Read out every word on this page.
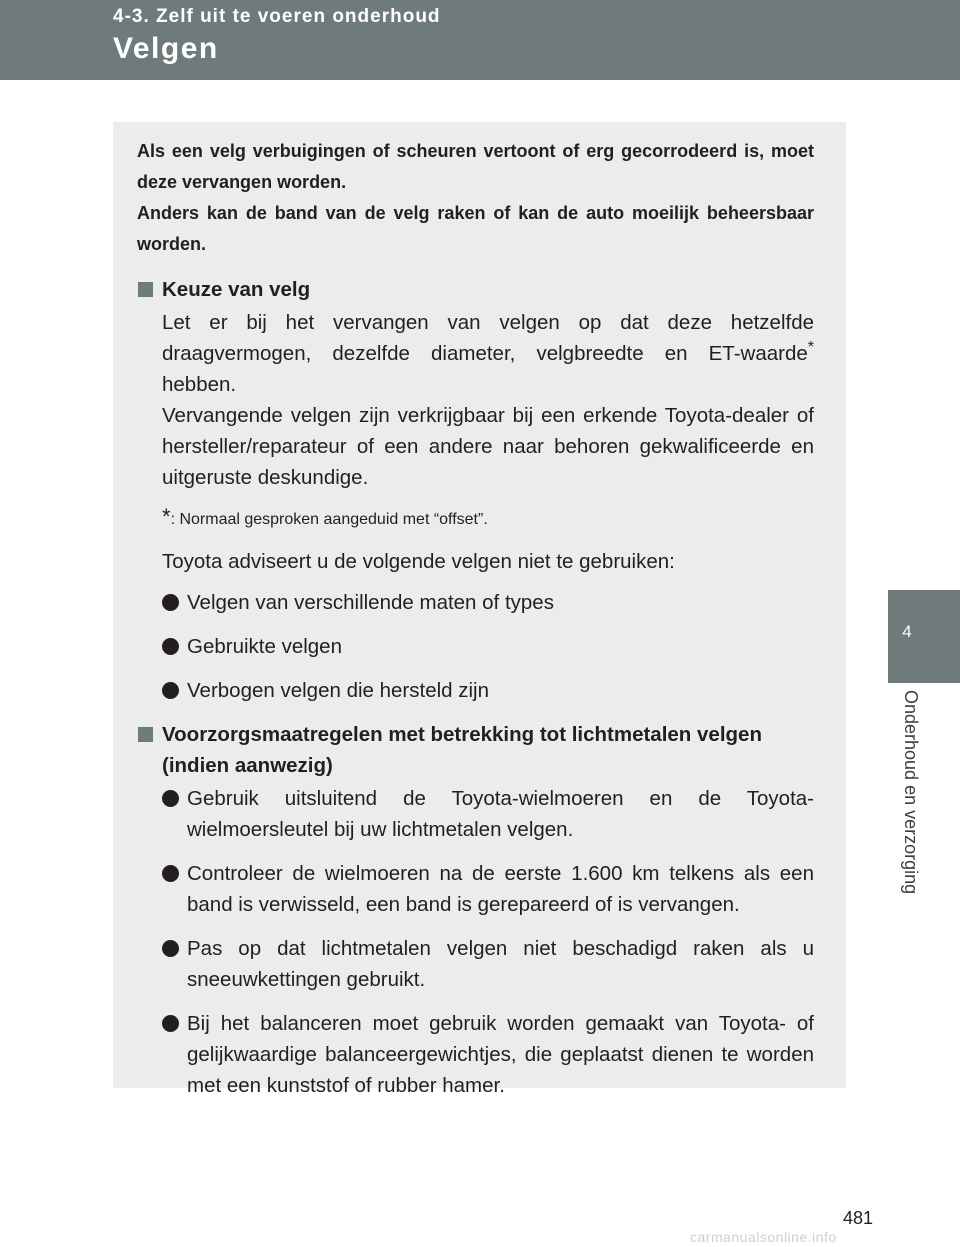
4-3. Zelf uit te voeren onderhoud
Velgen
4
Onderhoud en verzorging

Als een velg verbuigingen of scheuren vertoont of erg gecorrodeerd is, moet deze vervangen worden.
Anders kan de band van de velg raken of kan de auto moeilijk beheersbaar worden.

Keuze van velg

Let er bij het vervangen van velgen op dat deze hetzelfde draagvermogen, dezelfde diameter, velgbreedte en ET-waarde* hebben.
Vervangende velgen zijn verkrijgbaar bij een erkende Toyota-dealer of hersteller/reparateur of een andere naar behoren gekwalificeerde en uitgeruste deskundige.

*: Normaal gesproken aangeduid met “offset”.

Toyota adviseert u de volgende velgen niet te gebruiken:

Velgen van verschillende maten of types
Gebruikte velgen
Verbogen velgen die hersteld zijn
Voorzorgsmaatregelen met betrekking tot lichtmetalen velgen (indien aanwezig)
Gebruik uitsluitend de Toyota-wielmoeren en de Toyota-wielmoersleutel bij uw lichtmetalen velgen.
Controleer de wielmoeren na de eerste 1.600 km telkens als een band is verwisseld, een band is gerepareerd of is vervangen.
Pas op dat lichtmetalen velgen niet beschadigd raken als u sneeuwkettingen gebruikt.
Bij het balanceren moet gebruik worden gemaakt van Toyota- of gelijkwaardige balanceergewichtjes, die geplaatst dienen te worden met een kunststof of rubber hamer.
481
carmanualsonline.info
